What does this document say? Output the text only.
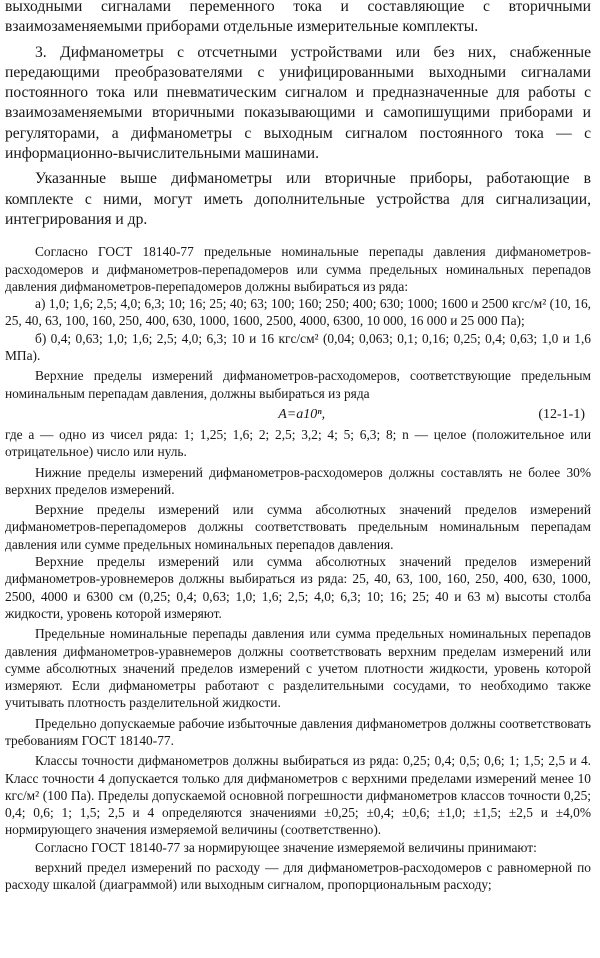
выходными сигналами переменного тока и составляющие с вторичными взаимозаменяемыми приборами отдельные измерительные комплекты.

3. Дифманометры с отсчетными устройствами или без них, снабженные передающими преобразователями с унифицированными выходными сигналами постоянного тока или пневматическим сигналом и предназначенные для работы с взаимозаменяемыми вторичными показывающими и самопишущими приборами и регуляторами, а дифманометры с выходным сигналом постоянного тока — с информационно-вычислительными машинами.

Указанные выше дифманометры или вторичные приборы, работающие в комплекте с ними, могут иметь дополнительные устройства для сигнализации, интегрирования и др.

Согласно ГОСТ 18140-77 предельные номинальные перепады давления дифманометров-расходомеров и дифманометров-перепадомеров или сумма предельных номинальных перепадов давления дифманометров-перепадомеров должны выбираться из ряда:

а) 1,0; 1,6; 2,5; 4,0; 6,3; 10; 16; 25; 40; 63; 100; 160; 250; 400; 630; 1000; 1600 и 2500 кгс/м² (10, 16, 25, 40, 63, 100, 160, 250, 400, 630, 1000, 1600, 2500, 4000, 6300, 10 000, 16 000 и 25 000 Па);

б) 0,4; 0,63; 1,0; 1,6; 2,5; 4,0; 6,3; 10 и 16 кгс/см² (0,04; 0,063; 0,1; 0,16; 0,25; 0,4; 0,63; 1,0 и 1,6 МПа).

Верхние пределы измерений дифманометров-расходомеров, соответствующие предельным номинальным перепадам давления, должны выбираться из ряда

A=a10ⁿ,	(12-1-1)

где a — одно из чисел ряда: 1; 1,25; 1,6; 2; 2,5; 3,2; 4; 5; 6,3; 8; n — целое (положительное или отрицательное) число или нуль.

Нижние пределы измерений дифманометров-расходомеров должны составлять не более 30% верхних пределов измерений.

Верхние пределы измерений или сумма абсолютных значений пределов измерений дифманометров-перепадомеров должны соответствовать предельным номинальным перепадам давления или сумме предельных номинальных перепадов давления.

Верхние пределы измерений или сумма абсолютных значений пределов измерений дифманометров-уровнемеров должны выбираться из ряда: 25, 40, 63, 100, 160, 250, 400, 630, 1000, 2500, 4000 и 6300 см (0,25; 0,4; 0,63; 1,0; 1,6; 2,5; 4,0; 6,3; 10; 16; 25; 40 и 63 м) высоты столба жидкости, уровень которой измеряют.

Предельные номинальные перепады давления или сумма предельных номинальных перепадов давления дифманометров-уравнемеров должны соответствовать верхним пределам измерений или сумме абсолютных значений пределов измерений с учетом плотности жидкости, уровень которой измеряют. Если дифманометры работают с разделительными сосудами, то необходимо также учитывать плотность разделительной жидкости.

Предельно допускаемые рабочие избыточные давления дифманометров должны соответствовать требованиям ГОСТ 18140-77.

Классы точности дифманометров должны выбираться из ряда: 0,25; 0,4; 0,5; 0,6; 1; 1,5; 2,5 и 4. Класс точности 4 допускается только для дифманометров с верхними пределами измерений менее 10 кгс/м² (100 Па). Пределы допускаемой основной погрешности дифманометров классов точности 0,25; 0,4; 0,6; 1; 1,5; 2,5 и 4 определяются значениями ±0,25; ±0,4; ±0,6; ±1,0; ±1,5; ±2,5 и ±4,0% нормирующего значения измеряемой величины (соответственно).

Согласно ГОСТ 18140-77 за нормирующее значение измеряемой величины принимают:

верхний предел измерений по расходу — для дифманометров-расходомеров с равномерной по расходу шкалой (диаграммой) или выходным сигналом, пропорциональным расходу;
